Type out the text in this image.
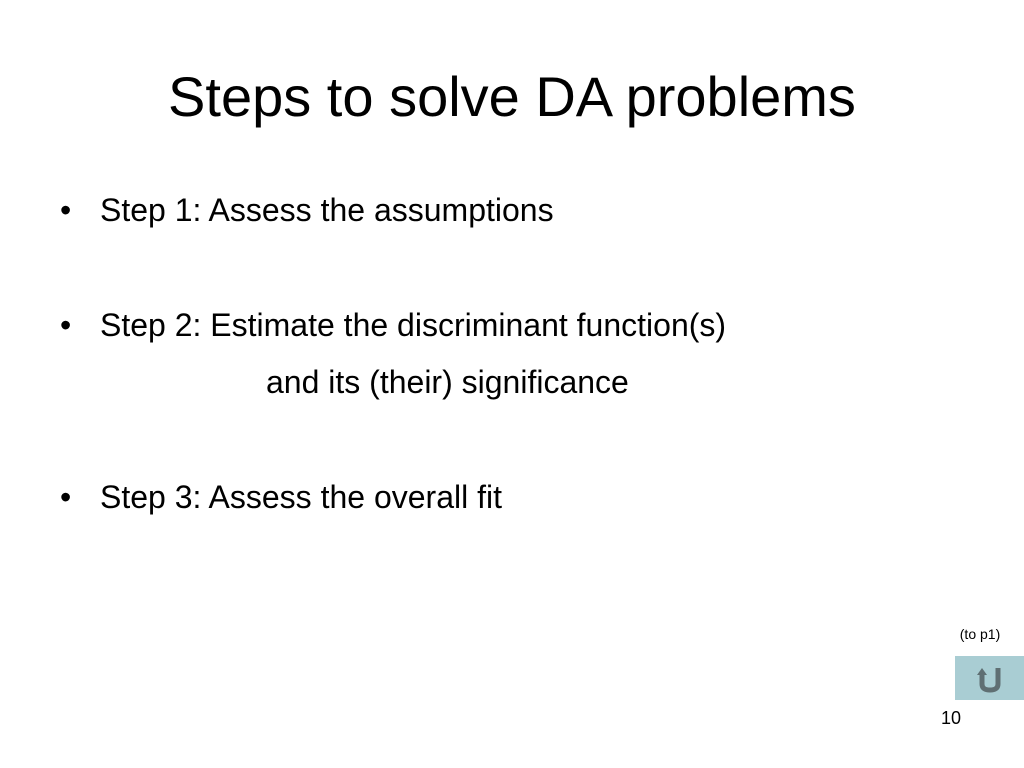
Steps to solve DA problems
• Step 1: Assess the assumptions
• Step 2: Estimate the discriminant function(s)
and its (their) significance
• Step 3: Assess the overall fit
(to p1)
10
